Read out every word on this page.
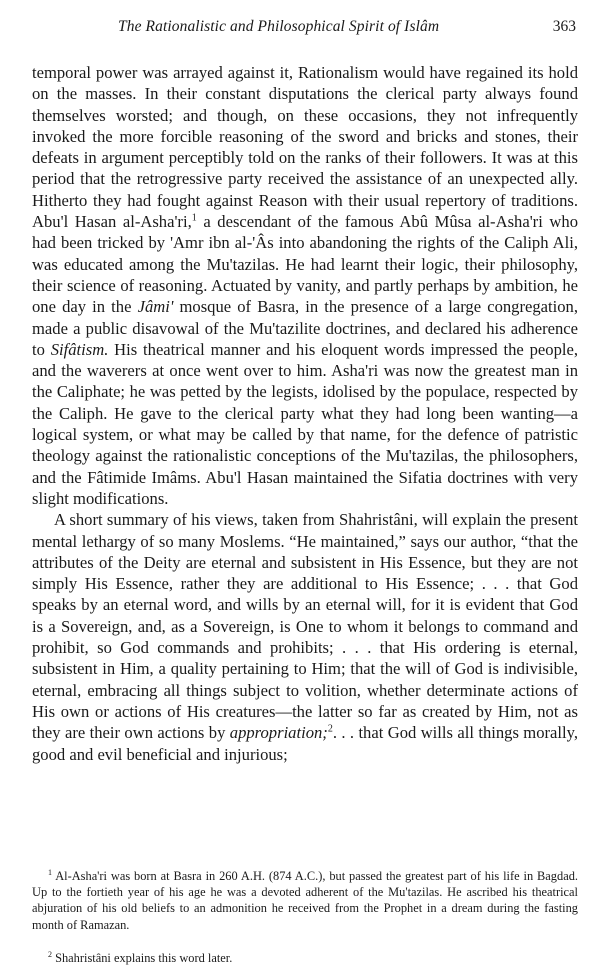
The Rationalistic and Philosophical Spirit of Islâm	363

temporal power was arrayed against it, Rationalism would have regained its hold on the masses. In their constant disputations the clerical party always found themselves worsted; and though, on these occasions, they not infrequently invoked the more forcible reasoning of the sword and bricks and stones, their defeats in argument perceptibly told on the ranks of their followers. It was at this period that the retrogressive party received the assistance of an unexpected ally. Hitherto they had fought against Reason with their usual repertory of traditions. Abu'l Hasan al-Asha'ri,$^1$ a descendant of the famous Abû Mûsa al-Asha'ri who had been tricked by 'Amr ibn al-'Âs into abandoning the rights of the Caliph Ali, was educated among the Mu'tazilas. He had learnt their logic, their philosophy, their science of reasoning. Actuated by vanity, and partly perhaps by ambition, he one day in the Jâmi' mosque of Basra, in the presence of a large congregation, made a public disavowal of the Mu'tazilite doctrines, and declared his adherence to Sifâtism. His theatrical manner and his eloquent words impressed the people, and the waverers at once went over to him. Asha'ri was now the greatest man in the Caliphate; he was petted by the legists, idolised by the populace, respected by the Caliph. He gave to the clerical party what they had long been wanting—a logical system, or what may be called by that name, for the defence of patristic theology against the rationalistic conceptions of the Mu'tazilas, the philosophers, and the Fâtimide Imâms. Abu'l Hasan maintained the Sifatia doctrines with very slight modifications.

A short summary of his views, taken from Shahristâni, will explain the present mental lethargy of so many Moslems. “He maintained,” says our author, “that the attributes of the Deity are eternal and subsistent in His Essence, but they are not simply His Essence, rather they are additional to His Essence; . . . that God speaks by an eternal word, and wills by an eternal will, for it is evident that God is a Sovereign, and, as a Sovereign, is One to whom it belongs to command and prohibit, so God commands and prohibits; . . . that His ordering is eternal, subsistent in Him, a quality pertaining to Him; that the will of God is indivisible, eternal, embracing all things subject to volition, whether determinate actions of His own or actions of His creatures—the latter so far as created by Him, not as they are their own actions by appropriation;$^2$. . . that God wills all things morally, good and evil beneficial and injurious;

$^1$ Al-Asha'ri was born at Basra in 260 A.H. (874 A.C.), but passed the greatest part of his life in Bagdad. Up to the fortieth year of his age he was a devoted adherent of the Mu'tazilas. He ascribed his theatrical abjuration of his old beliefs to an admonition he received from the Prophet in a dream during the fasting month of Ramazan.

$^2$ Shahristâni explains this word later.
